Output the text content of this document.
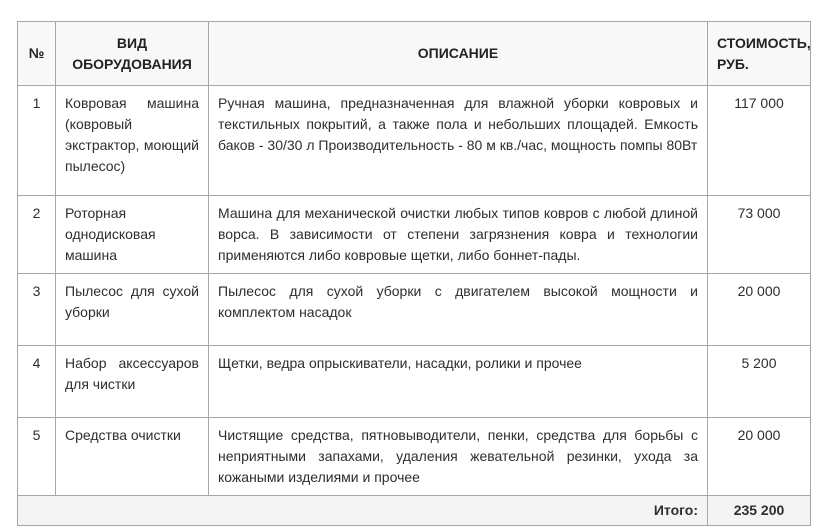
№	ВИД ОБОРУДОВАНИЯ	ОПИСАНИЕ	СТОИМОСТЬ, РУБ.
1	Ковровая машина (ковровый экстрактор, моющий пылесос)	Ручная машина, предназначенная для влажной уборки ковровых и текстильных покрытий, а также пола и небольших площадей. Емкость баков - 30/30 л Производительность - 80 м кв./час, мощность помпы 80Вт	117 000
2	Роторная однодисковая машина	Машина для механической очистки любых типов ковров с любой длиной ворса. В зависимости от степени загрязнения ковра и технологии применяются либо ковровые щетки, либо боннет-пады.	73 000
3	Пылесос для сухой уборки	Пылесос для сухой уборки с двигателем высокой мощности и комплектом насадок	20 000
4	Набор аксессуаров для чистки	Щетки, ведра опрыскиватели, насадки, ролики и прочее	5 200
5	Средства очистки	Чистящие средства, пятновыводители, пенки, средства для борьбы с неприятными запахами, удаления жевательной резинки, ухода за кожаными изделиями и прочее	20 000
Итого:			235 200
